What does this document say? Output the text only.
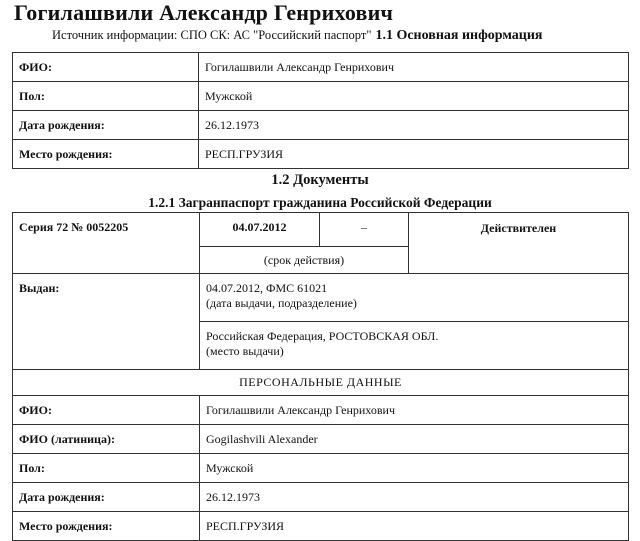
Гогилашвили Александр Генрихович
Источник информации: СПО СК: АС "Российский паспорт" 1.1 Основная информация
ФИО:	Гогилашвили Александр Генрихович
Пол:	Мужской
Дата рождения:	26.12.1973
Место рождения:	РЕСП.ГРУЗИЯ
1.2 Документы
1.2.1 Загранпаспорт гражданина Российской Федерации
Серия 72 № 0052205	04.07.2012	–	Действителен
	(срок действия)		
Выдан:	04.07.2012, ФМС 61021
(дата выдачи, подразделение)		

	Российская Федерация, РОСТОВСКАЯ ОБЛ.
(место выдачи)		

ПЕРСОНАЛЬНЫЕ ДАННЫЕ			
ФИО:	Гогилашвили Александр Генрихович		
ФИО (латиница):	Gogilashvili Alexander		
Пол:	Мужской		
Дата рождения:	26.12.1973		
Место рождения:	РЕСП.ГРУЗИЯ		
